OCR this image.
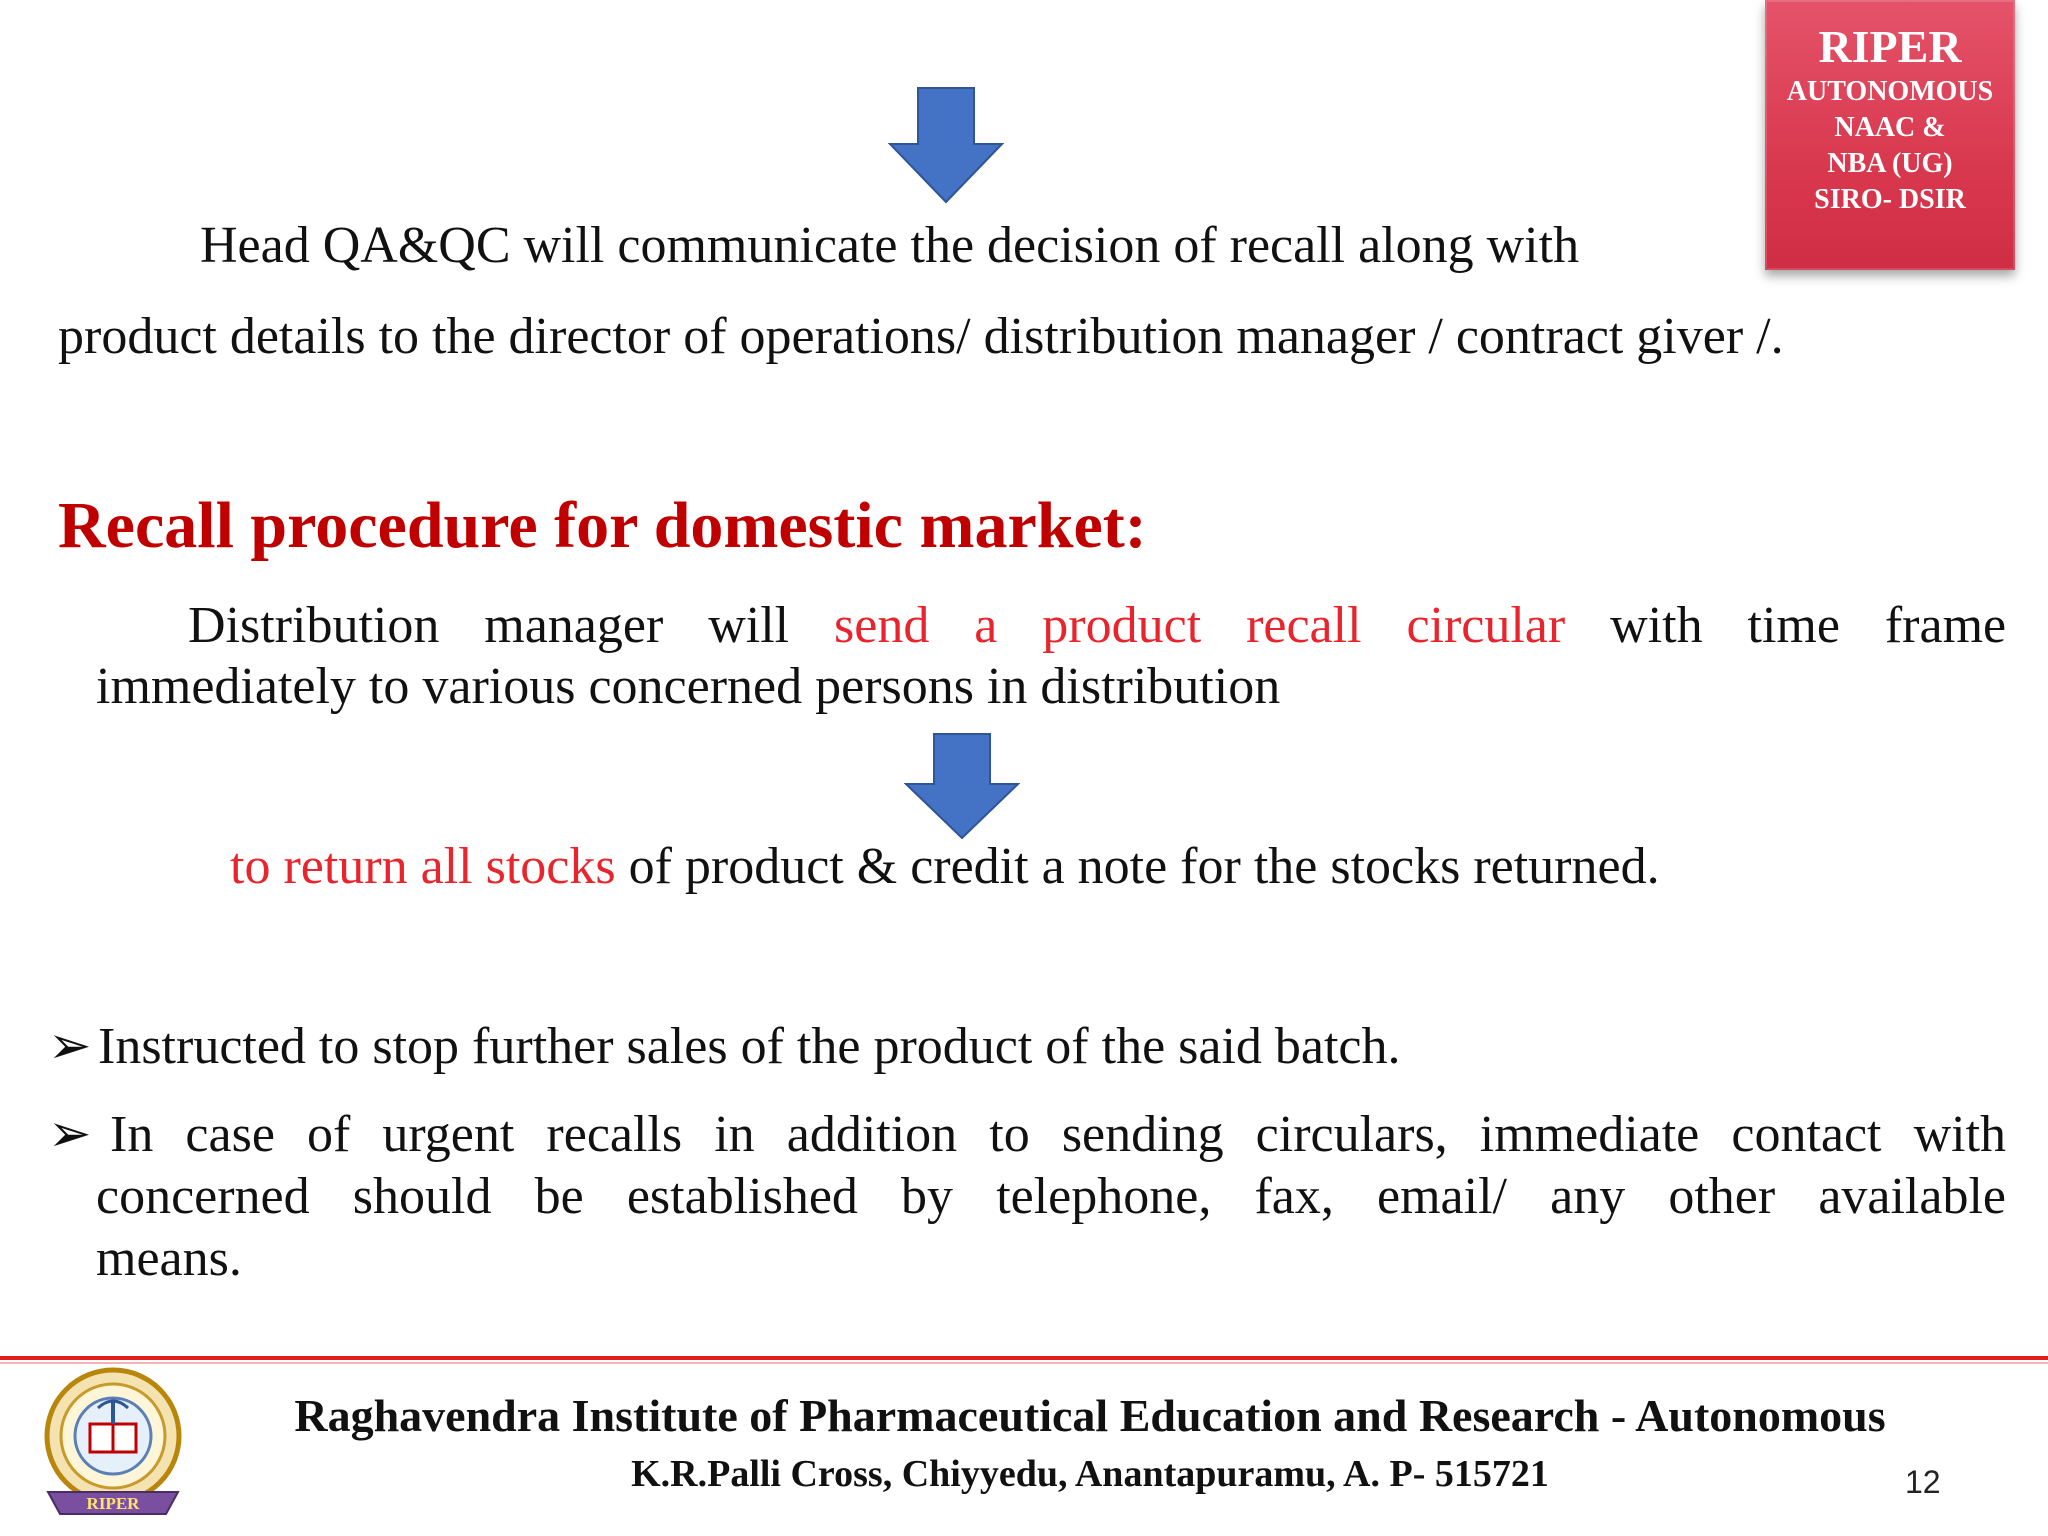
RIPER
AUTONOMOUS
NAAC &
NBA (UG)
SIRO- DSIR
Head QA&QC will communicate the decision of recall along with
product details to the director of operations/ distribution manager / contract giver /.
Recall procedure for domestic market:
Distribution manager will send a product recall circular with time frame
immediately to various concerned persons in distribution
to return all stocks of product & credit a note for the stocks returned.
➢ Instructed to stop further sales of the product of the said batch.
➢ In case of urgent recalls in addition to sending circulars, immediate contact with
concerned should be established by telephone, fax, email/ any other available
means.
RIPER
Raghavendra Institute of Pharmaceutical Education and Research - Autonomous
K.R.Palli Cross, Chiyyedu, Anantapuramu, A. P- 515721	12
